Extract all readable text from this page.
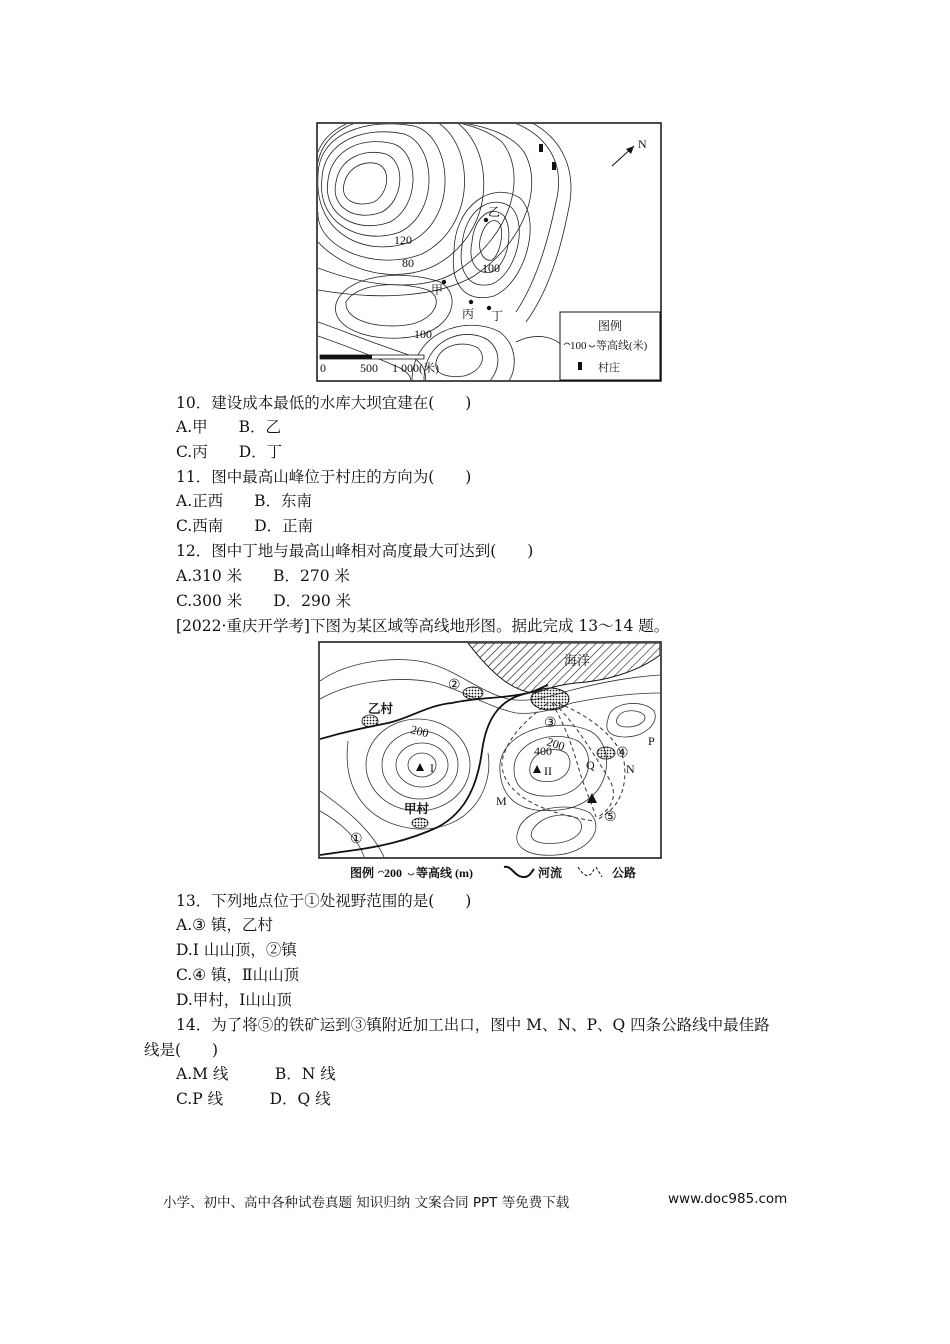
N
乙
甲
丙 丁
120
80	100
100
0	500 1 000(米)
图例
100 等高线(米)
村庄
10．建设成本最低的水库大坝宜建在(　　)
A.甲　　B．乙
C.丙　　D．丁
11．图中最高山峰位于村庄的方向为(　　)
A.正西　　B．东南
C.西南　　D．正南
12．图中丁地与最高山峰相对高度最大可达到(　　)
A.310 米　　B．270 米
C.300 米　　D．290 米
[2022·重庆开学考]下图为某区域等高线地形图。据此完成 13～14 题。
海洋
乙村
甲村
200
200
400
I	II
M
N
P
Q
①
②
③
④
⑤
图例 200 等高线 (m)	河流	公路
13．下列地点位于①处视野范围的是(　　)
A.③ 镇，乙村
D.Ⅰ 山山顶，②镇
C.④ 镇，Ⅱ山山顶
D.甲村，Ⅰ山山顶
14．为了将⑤的铁矿运到③镇附近加工出口，图中 M、N、P、Q 四条公路线中最佳路
线是(　　)
A.M 线　　　B．N 线
C.P 线　　　D．Q 线
小学、初中、高中各种试卷真题 知识归纳 文案合同 PPT 等免费下载	www.doc985.com
